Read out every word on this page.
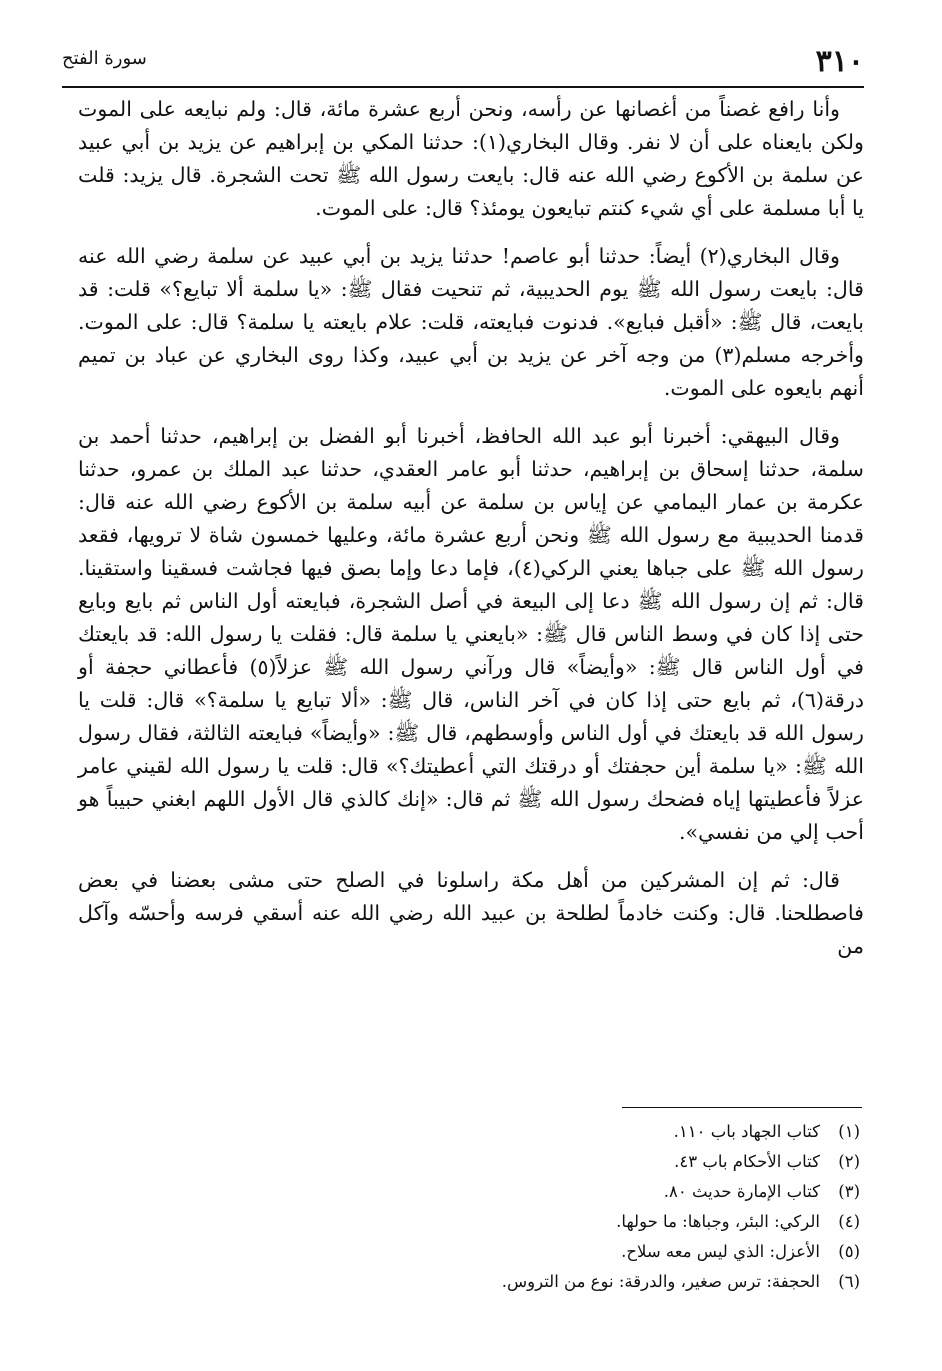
٣١٠
سورة الفتح

وأنا رافع غصناً من أغصانها عن رأسه، ونحن أربع عشرة مائة، قال: ولم نبايعه على الموت ولكن بايعناه على أن لا نفر. وقال البخاري(١): حدثنا المكي بن إبراهيم عن يزيد بن أبي عبيد عن سلمة بن الأكوع رضي الله عنه قال: بايعت رسول الله ﷺ تحت الشجرة. قال يزيد: قلت يا أبا مسلمة على أي شيء كنتم تبايعون يومئذ؟ قال: على الموت.

وقال البخاري(٢) أيضاً: حدثنا أبو عاصم! حدثنا يزيد بن أبي عبيد عن سلمة رضي الله عنه قال: بايعت رسول الله ﷺ يوم الحديبية، ثم تنحيت فقال ﷺ: «يا سلمة ألا تبايع؟» قلت: قد بايعت، قال ﷺ: «أقبل فبايع». فدنوت فبايعته، قلت: علام بايعته يا سلمة؟ قال: على الموت. وأخرجه مسلم(٣) من وجه آخر عن يزيد بن أبي عبيد، وكذا روى البخاري عن عباد بن تميم أنهم بايعوه على الموت.

وقال البيهقي: أخبرنا أبو عبد الله الحافظ، أخبرنا أبو الفضل بن إبراهيم، حدثنا أحمد بن سلمة، حدثنا إسحاق بن إبراهيم، حدثنا أبو عامر العقدي، حدثنا عبد الملك بن عمرو، حدثنا عكرمة بن عمار اليمامي عن إياس بن سلمة عن أبيه سلمة بن الأكوع رضي الله عنه قال: قدمنا الحديبية مع رسول الله ﷺ ونحن أربع عشرة مائة، وعليها خمسون شاة لا ترويها، فقعد رسول الله ﷺ على جباها يعني الركي(٤)، فإما دعا وإما بصق فيها فجاشت فسقينا واستقينا. قال: ثم إن رسول الله ﷺ دعا إلى البيعة في أصل الشجرة، فبايعته أول الناس ثم بايع وبايع حتى إذا كان في وسط الناس قال ﷺ: «بايعني يا سلمة قال: فقلت يا رسول الله: قد بايعتك في أول الناس قال ﷺ: «وأيضاً» قال ورآني رسول الله ﷺ عزلاً(٥) فأعطاني حجفة أو درقة(٦)، ثم بايع حتى إذا كان في آخر الناس، قال ﷺ: «ألا تبايع يا سلمة؟» قال: قلت يا رسول الله قد بايعتك في أول الناس وأوسطهم، قال ﷺ: «وأيضاً» فبايعته الثالثة، فقال رسول الله ﷺ: «يا سلمة أين حجفتك أو درقتك التي أعطيتك؟» قال: قلت يا رسول الله لقيني عامر عزلاً فأعطيتها إياه فضحك رسول الله ﷺ ثم قال: «إنك كالذي قال الأول اللهم ابغني حبيباً هو أحب إلي من نفسي».

قال: ثم إن المشركين من أهل مكة راسلونا في الصلح حتى مشى بعضنا في بعض فاصطلحنا. قال: وكنت خادماً لطلحة بن عبيد الله رضي الله عنه أسقي فرسه وأحسّه وآكل من

(١)
كتاب الجهاد باب ١١٠.
(٢)
كتاب الأحكام باب ٤٣.
(٣)
كتاب الإمارة حديث ٨٠.
(٤)
الركي: البئر، وجباها: ما حولها.
(٥)
الأعزل: الذي ليس معه سلاح.
(٦)
الحجفة: ترس صغير، والدرقة: نوع من التروس.
